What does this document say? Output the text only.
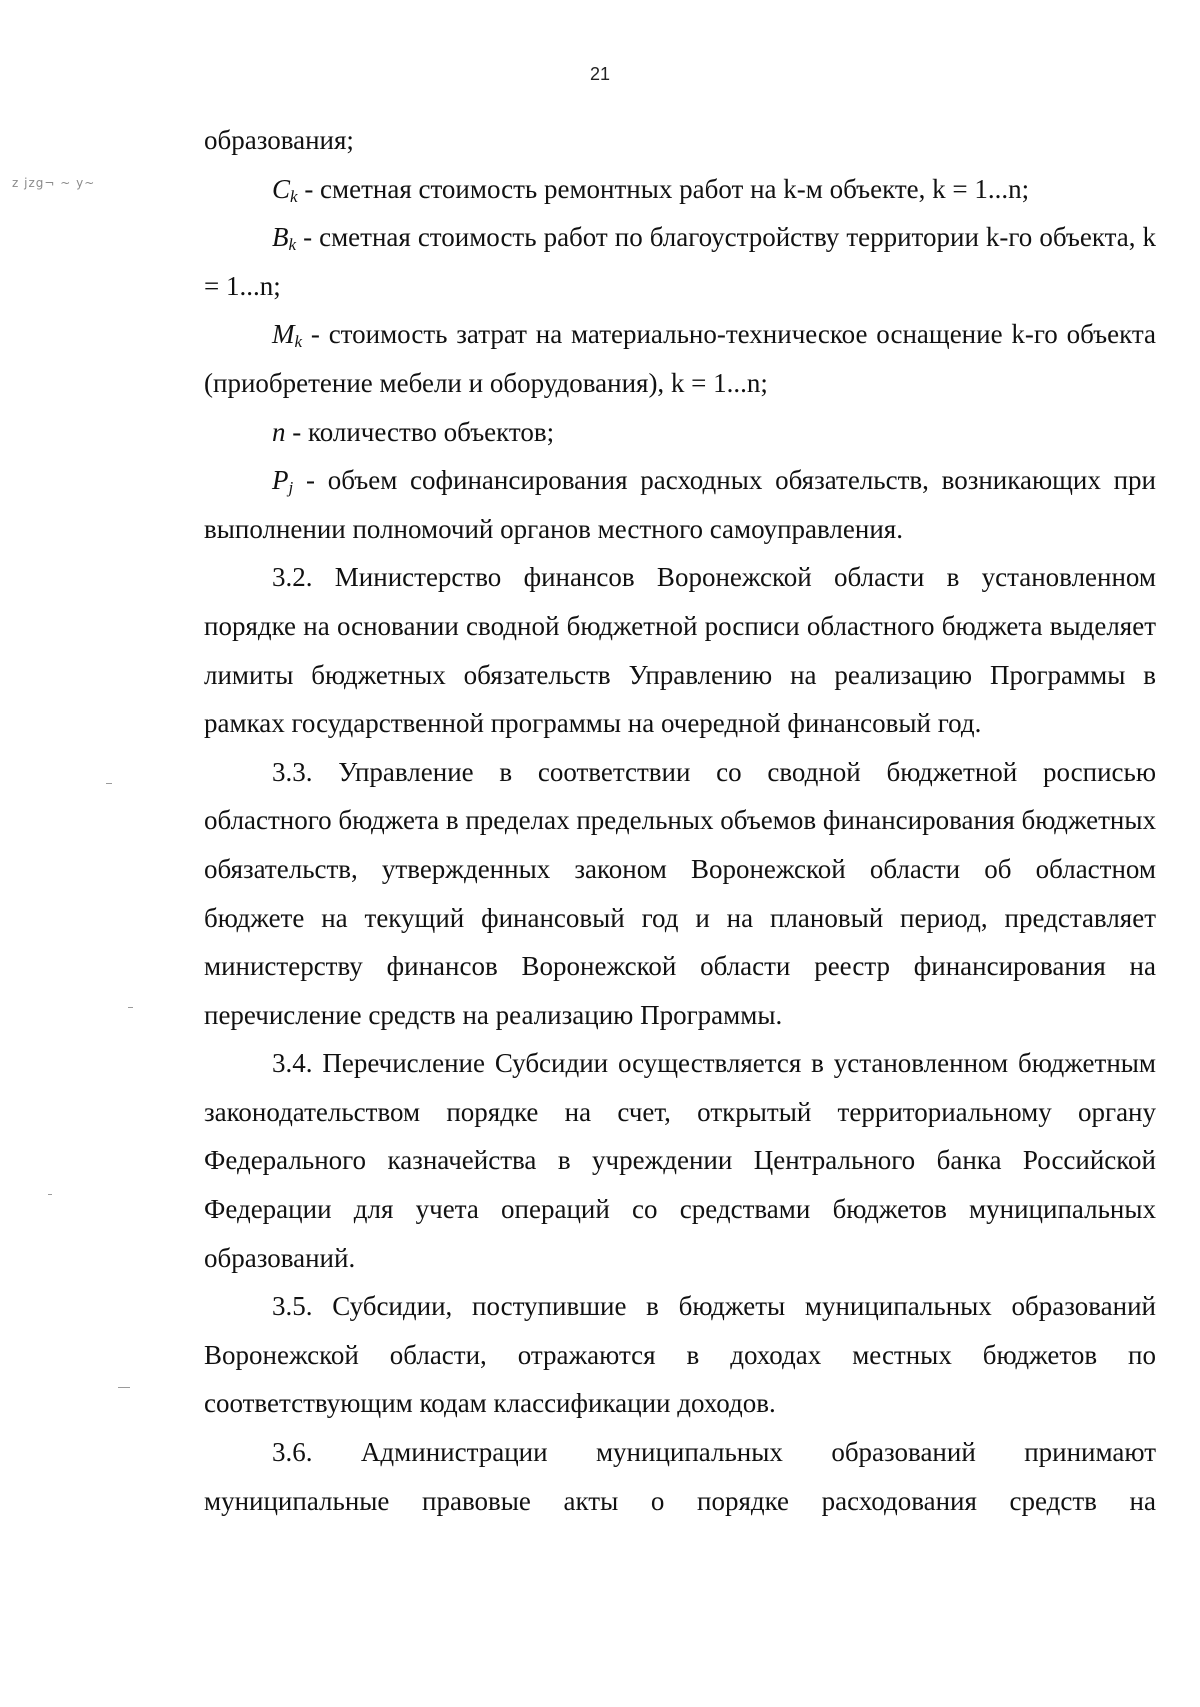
21
z jzg¬ ~ y~

образования;

$C_k$ - сметная стоимость ремонтных работ на k-м объекте, k = 1...n;

$B_k$ - сметная стоимость работ по благоустройству территории k-го объекта, k = 1...n;

$M_k$ - стоимость затрат на материально-техническое оснащение k-го объекта (приобретение мебели и оборудования), k = 1...n;

n - количество объектов;

$P_j$ - объем софинансирования расходных обязательств, возникающих при выполнении полномочий органов местного самоуправления.

3.2. Министерство финансов Воронежской области в установленном порядке на основании сводной бюджетной росписи областного бюджета выделяет лимиты бюджетных обязательств Управлению на реализацию Программы в рамках государственной программы на очередной финансовый год.

3.3. Управление в соответствии со сводной бюджетной росписью областного бюджета в пределах предельных объемов финансирования бюджетных обязательств, утвержденных законом Воронежской области об областном бюджете на текущий финансовый год и на плановый период, представляет министерству финансов Воронежской области реестр финансирования на перечисление средств на реализацию Программы.

3.4. Перечисление Субсидии осуществляется в установленном бюджетным законодательством порядке на счет, открытый территориальному органу Федерального казначейства в учреждении Центрального банка Российской Федерации для учета операций со средствами бюджетов муниципальных образований.

3.5. Субсидии, поступившие в бюджеты муниципальных образований Воронежской области, отражаются в доходах местных бюджетов по соответствующим кодам классификации доходов.

3.6. Администрации муниципальных образований принимают муниципальные правовые акты о порядке расходования средств на
